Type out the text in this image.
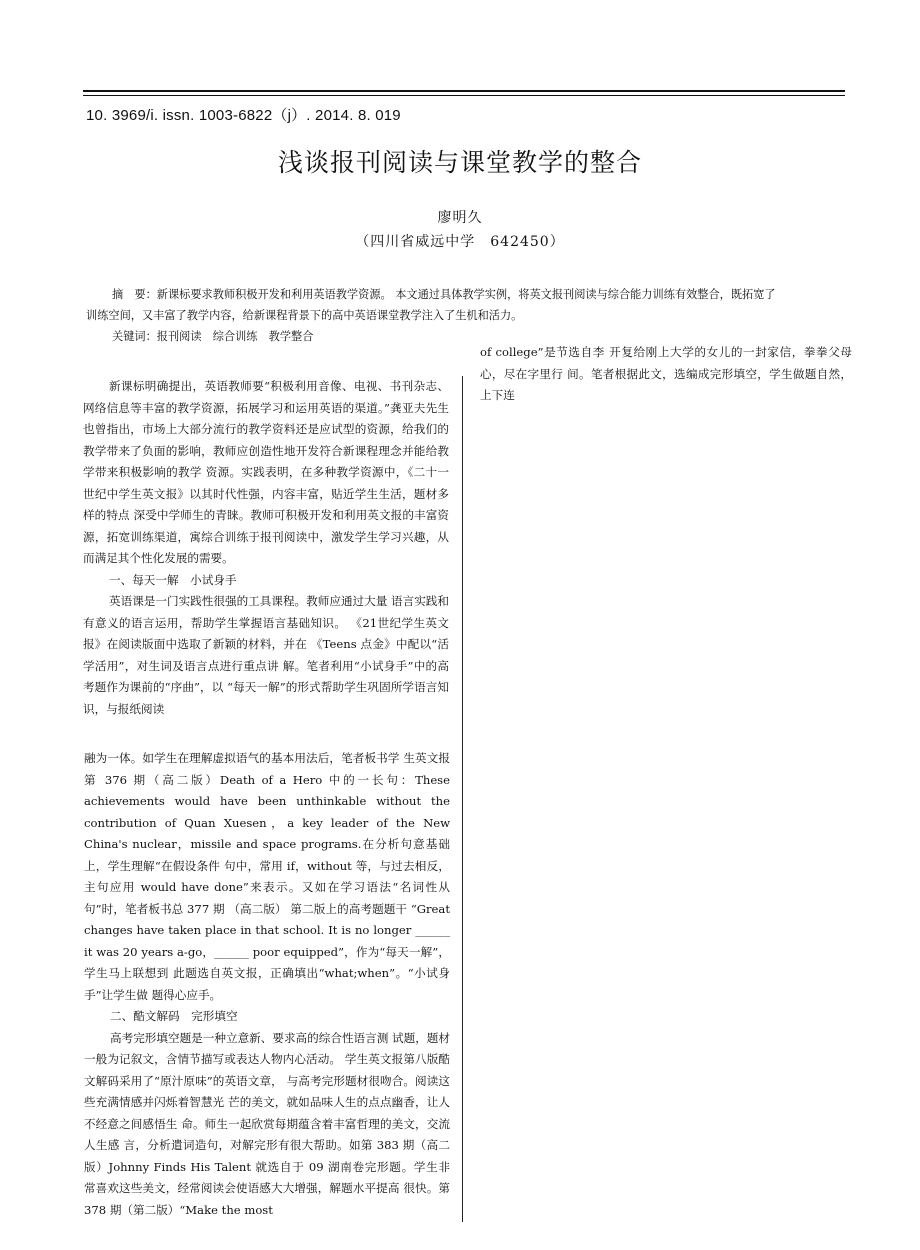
10. 3969/i. issn. 1003-6822（j）. 2014. 8. 019
浅谈报刊阅读与课堂教学的整合
廖明久
（四川省威远中学　642450）
摘　要：新课标要求教师积极开发和利用英语教学资源。 本文通过具体教学实例，将英文报刊阅读与综合能力训练有效整合，既拓宽了训练空间，又丰富了教学内容，给新课程背景下的高中英语课堂教学注入了生机和活力。
关键词：报刊阅读　综合训练　教学整合

新课标明确提出，英语教师要“积极利用音像、电视、书刊杂志、网络信息等丰富的教学资源，拓展学习和运用英语的渠道。”龚亚夫先生也曾指出，市场上大部分流行的教学资料还是应试型的资源，给我们的教学带来了负面的影响，教师应创造性地开发符合新课程理念并能给教学带来积极影响的教学 资源。实践表明，在多种教学资源中，《二十一世纪中学生英文报》以其时代性强，内容丰富，贴近学生生活，题材多样的特点 深受中学师生的青睐。教师可积极开发和利用英文报的丰富资源，拓宽训练渠道，寓综合训练于报刊阅读中，激发学生学习兴趣，从而满足其个性化发展的需要。

一、每天一解　小试身手

英语课是一门实践性很强的工具课程。教师应通过大量 语言实践和有意义的语言运用，帮助学生掌握语言基础知识。 《21世纪学生英文报》在阅读版面中选取了新颖的材料，并在 《Teens 点金》中配以“活学活用”，对生词及语言点进行重点讲 解。笔者利用“小试身手”中的高考题作为课前的“序曲”，以 “每天一解”的形式帮助学生巩固所学语言知识，与报纸阅读

融为一体。如学生在理解虚拟语气的基本用法后，笔者板书学 生英文报第 376 期（高二版）Death of a Hero 中的一长句：These achievements would have been unthinkable without the contribution of Quan Xuesen，a key leader of the New China's nuclear，missile and space programs.在分析句意基础上，学生理解“在假设条件 句中，常用 if，without 等，与过去相反，主句应用 would have done”来表示。又如在学习语法“名词性从句”时，笔者板书总 377 期 （高二版） 第二版上的高考题题干 “Great changes have taken place in that school. It is no longer ______ it was 20 years a-go，______ poor equipped”，作为“每天一解”，学生马上联想到 此题选自英文报，正确填出“what;when”。“小试身手”让学生做 题得心应手。

二、酷文解码　完形填空

高考完形填空题是一种立意新、要求高的综合性语言测 试题，题材一般为记叙文，含情节描写或表达人物内心活动。 学生英文报第八版酷文解码采用了“原汁原味”的英语文章， 与高考完形题材很吻合。阅读这些充满情感并闪烁着智慧光 芒的美文，就如品味人生的点点幽香，让人不经意之间感悟生 命。师生一起欣赏每期蕴含着丰富哲理的美文，交流人生感 言，分析遣词造句，对解完形有很大帮助。如第 383 期（高二 版）Johnny Finds His Talent 就选自于 09 湖南卷完形题。学生非 常喜欢这些美文，经常阅读会使语感大大增强，解题水平提高 很快。第 378 期（第二版）“Make the most

of college”是节选自李 开复给刚上大学的女儿的一封家信，拳拳父母心，尽在字里行 间。笔者根据此文，选编成完形填空，学生做题自然，上下连
